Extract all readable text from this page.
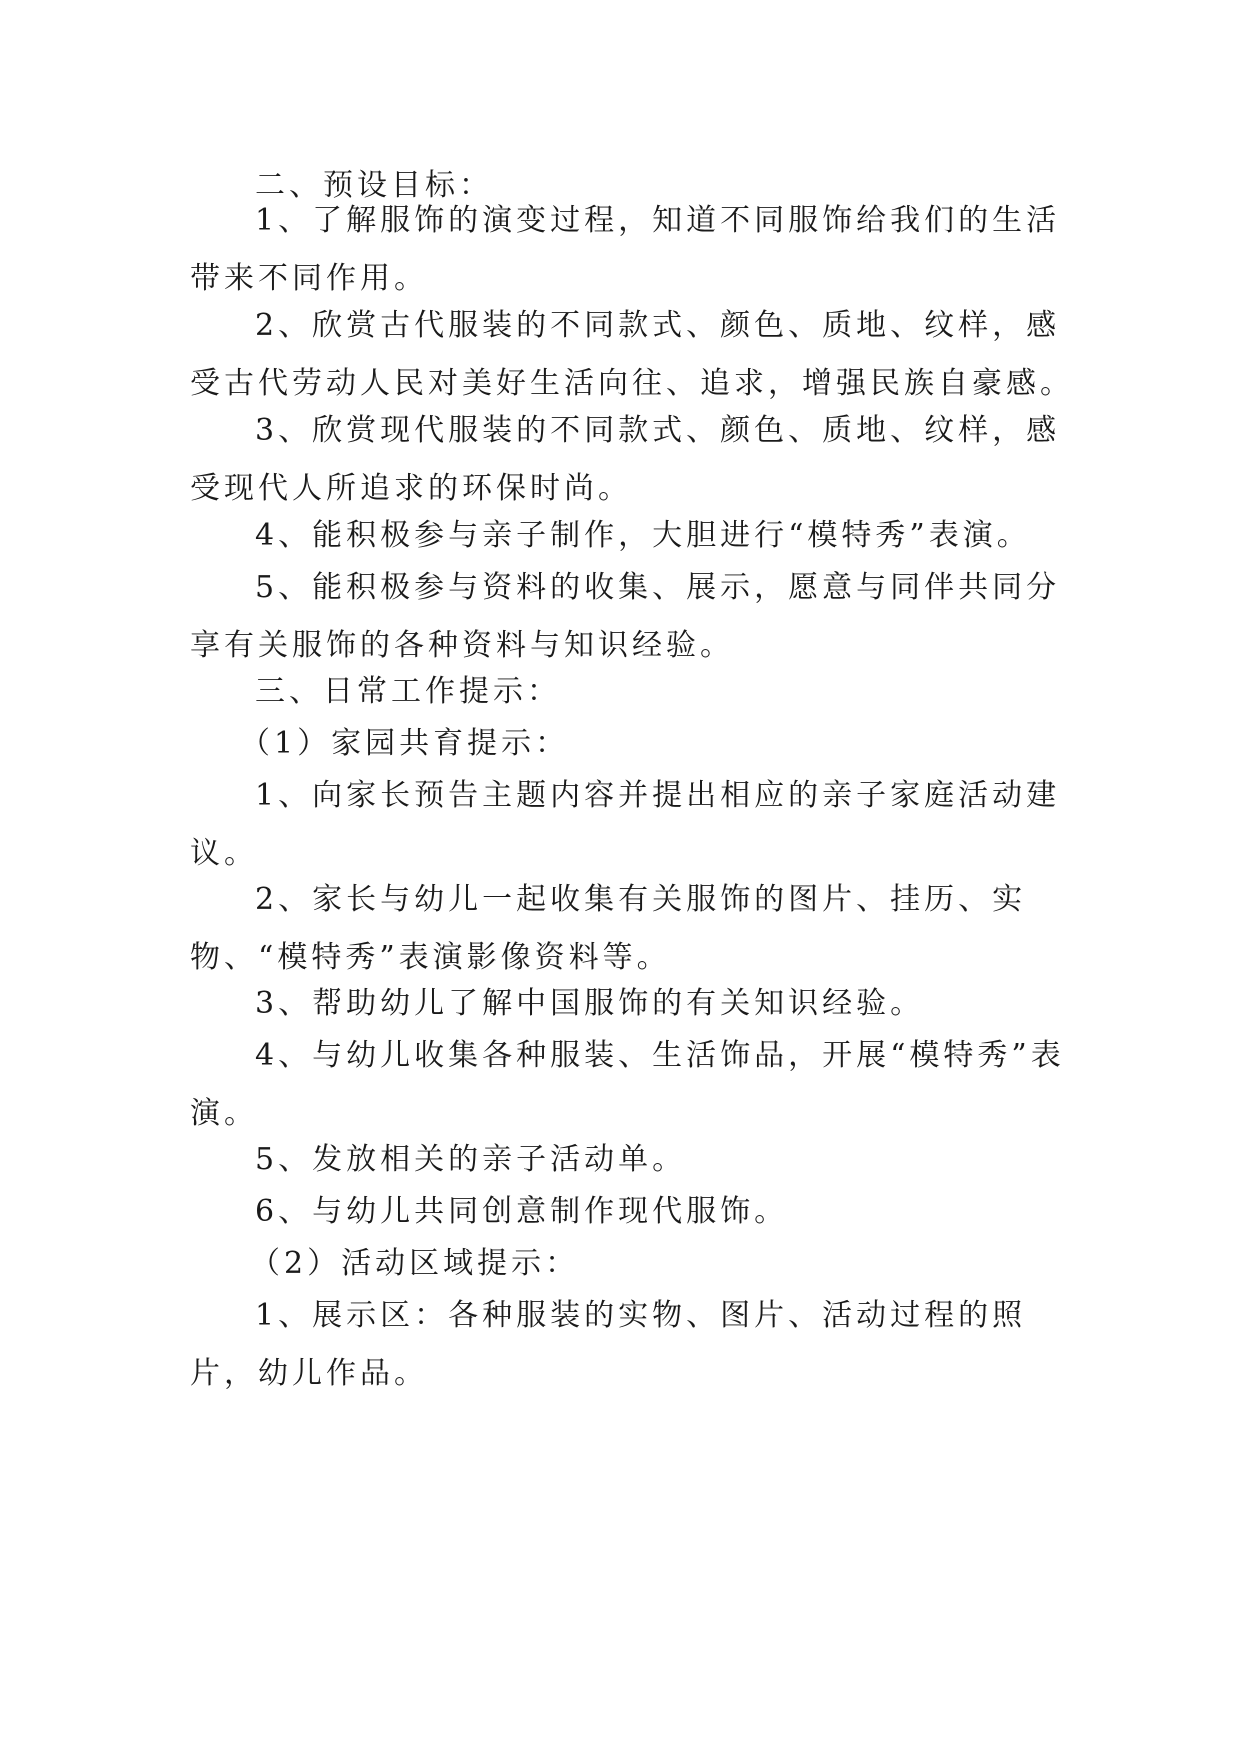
二、预设目标：

1、了解服饰的演变过程，知道不同服饰给我们的生活带来不同作用。

2、欣赏古代服装的不同款式、颜色、质地、纹样，感受古代劳动人民对美好生活向往、追求，增强民族自豪感。

3、欣赏现代服装的不同款式、颜色、质地、纹样，感受现代人所追求的环保时尚。

4、能积极参与亲子制作，大胆进行“模特秀”表演。

5、能积极参与资料的收集、展示，愿意与同伴共同分享有关服饰的各种资料与知识经验。

三、日常工作提示：

（1）家园共育提示：

1、向家长预告主题内容并提出相应的亲子家庭活动建议。

2、家长与幼儿一起收集有关服饰的图片、挂历、实物、“模特秀”表演影像资料等。

3、帮助幼儿了解中国服饰的有关知识经验。

4、与幼儿收集各种服装、生活饰品，开展“模特秀”表演。

5、发放相关的亲子活动单。

6、与幼儿共同创意制作现代服饰。

（2）活动区域提示：

1、展示区：各种服装的实物、图片、活动过程的照片，幼儿作品。
